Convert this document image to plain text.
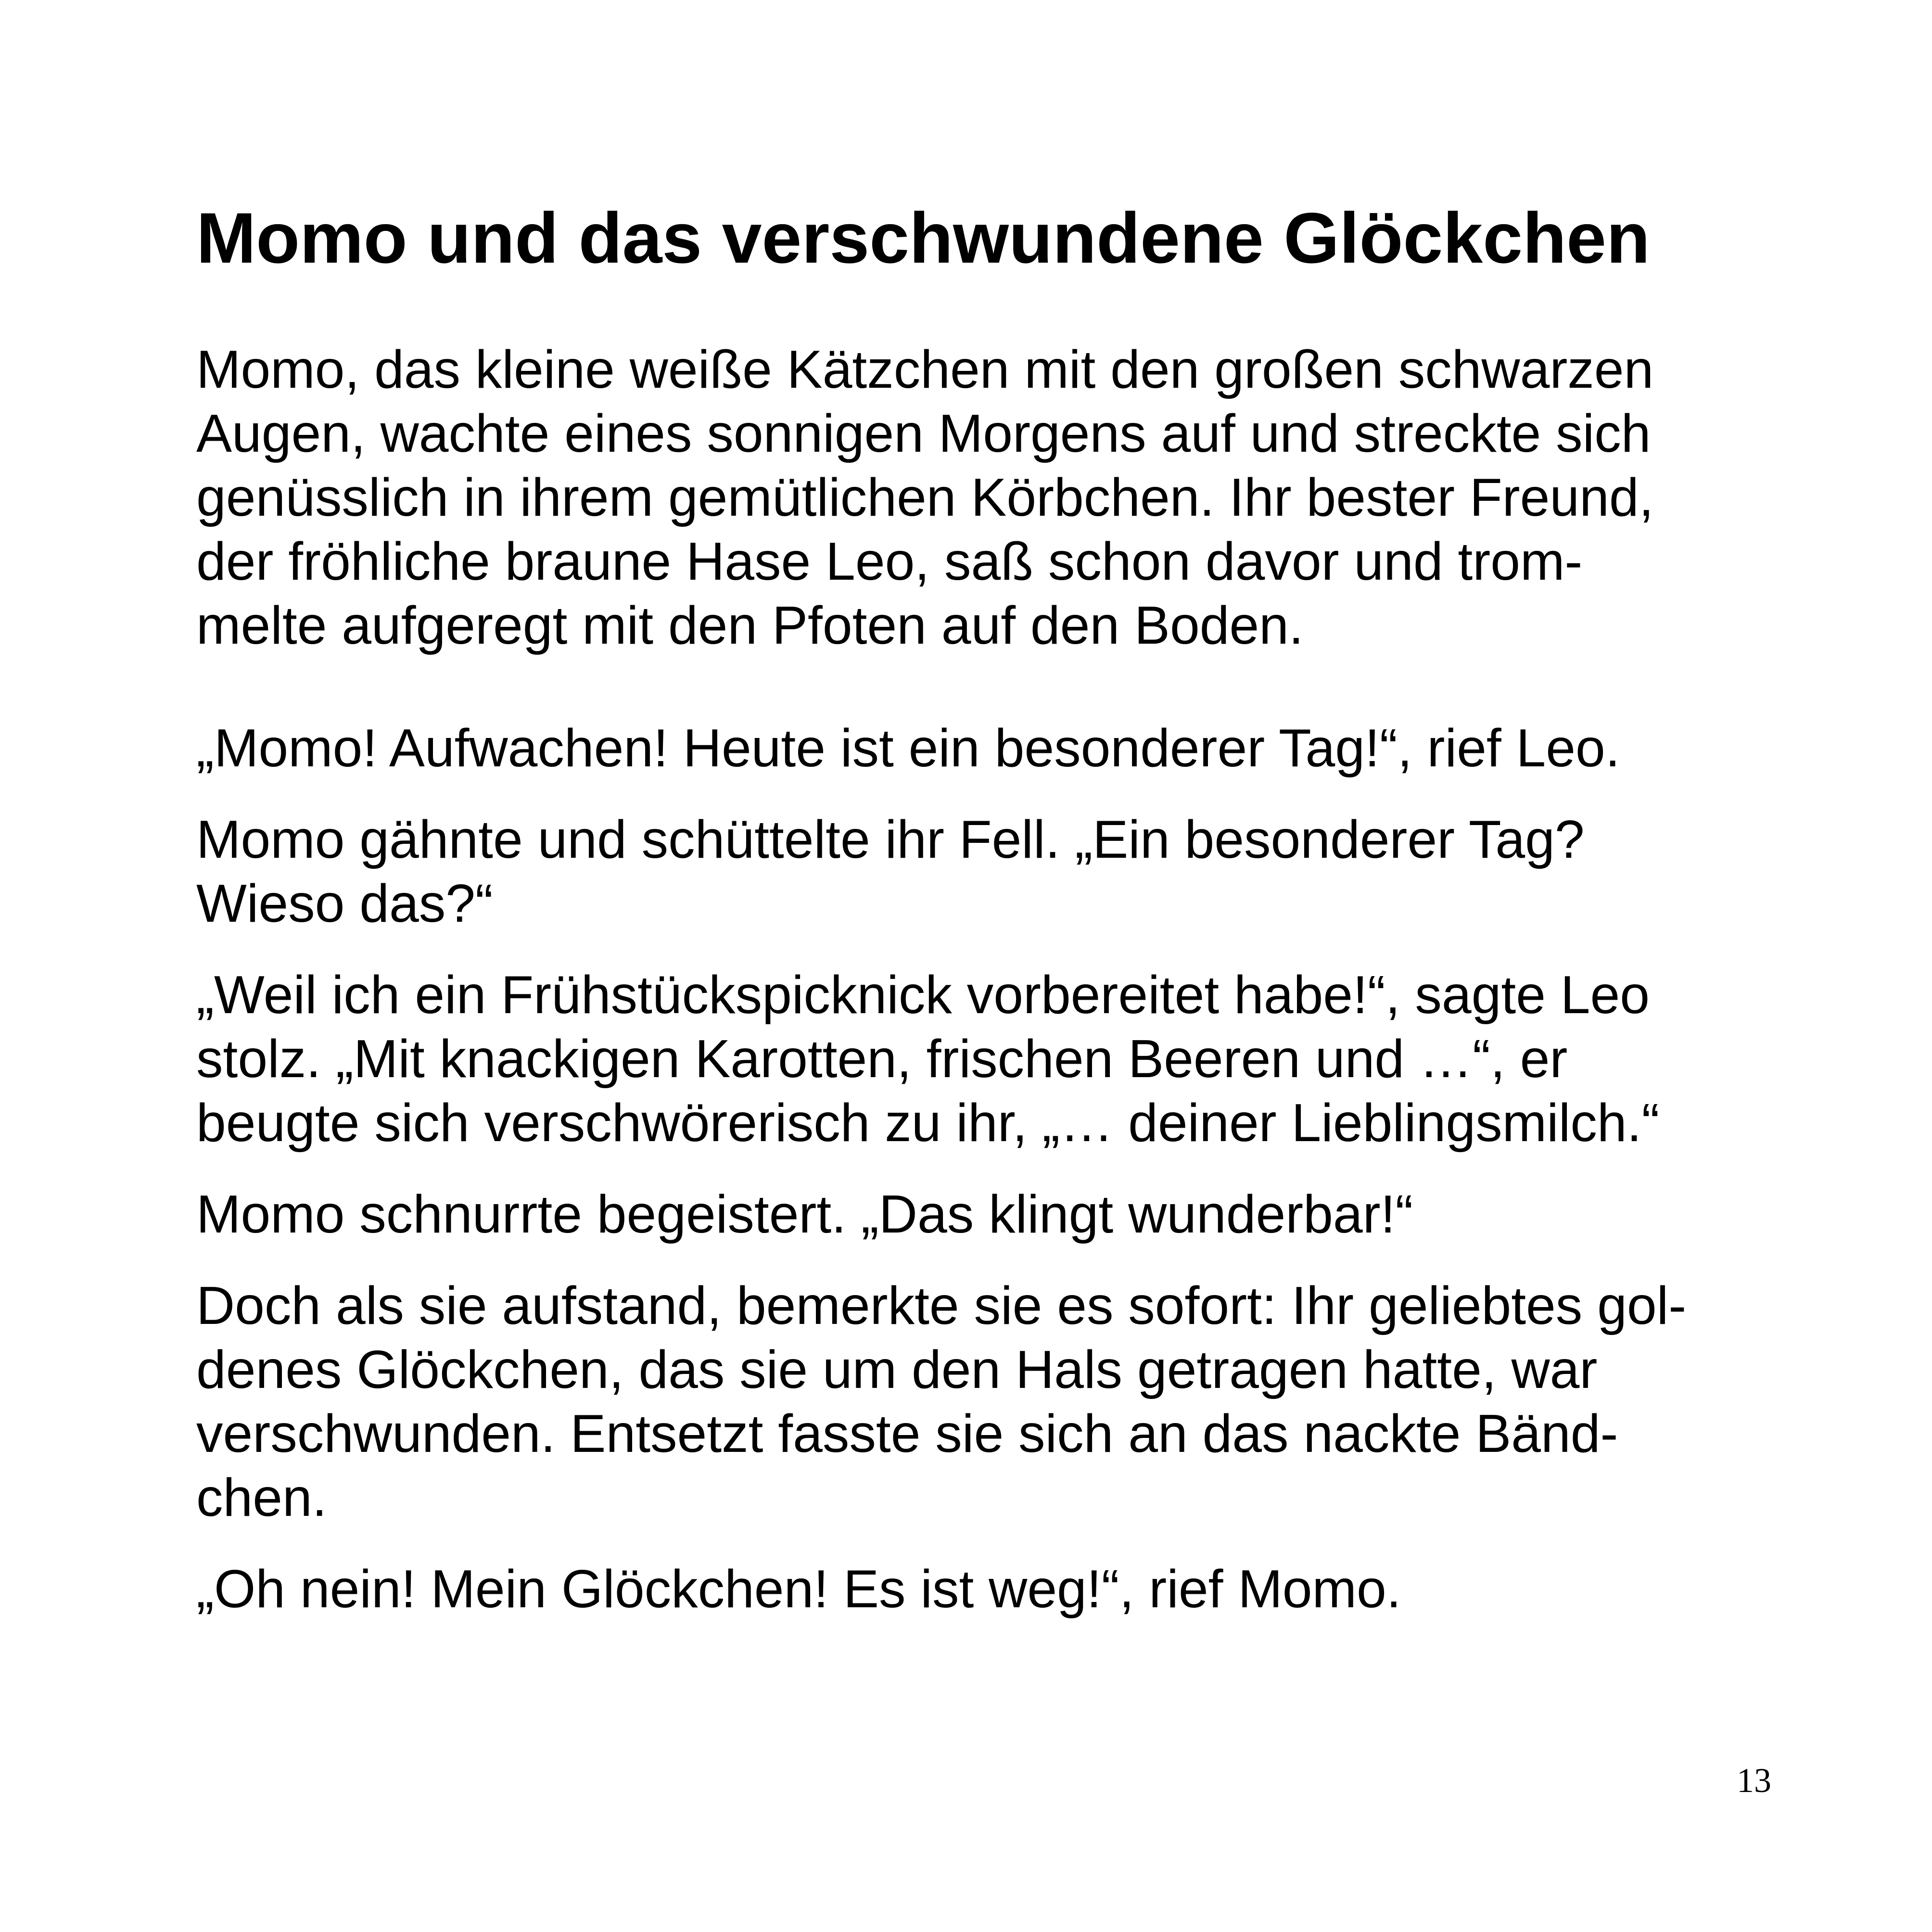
Momo und das verschwundene Glöckchen

Momo, das kleine weiße Kätzchen mit den großen schwarzen

Augen, wachte eines sonnigen Morgens auf und streckte sich

genüsslich in ihrem gemütlichen Körbchen. Ihr bester Freund,

der fröhliche braune Hase Leo, saß schon davor und trom-

melte aufgeregt mit den Pfoten auf den Boden.

„Momo! Aufwachen! Heute ist ein besonderer Tag!“, rief Leo.

Momo gähnte und schüttelte ihr Fell. „Ein besonderer Tag?

Wieso das?“

„Weil ich ein Frühstückspicknick vorbereitet habe!“, sagte Leo

stolz. „Mit knackigen Karotten, frischen Beeren und …“, er

beugte sich verschwörerisch zu ihr, „… deiner Lieblingsmilch.“

Momo schnurrte begeistert. „Das klingt wunderbar!“

Doch als sie aufstand, bemerkte sie es sofort: Ihr geliebtes gol-

denes Glöckchen, das sie um den Hals getragen hatte, war

verschwunden. Entsetzt fasste sie sich an das nackte Bänd-

chen.

„Oh nein! Mein Glöckchen! Es ist weg!“, rief Momo.

13
